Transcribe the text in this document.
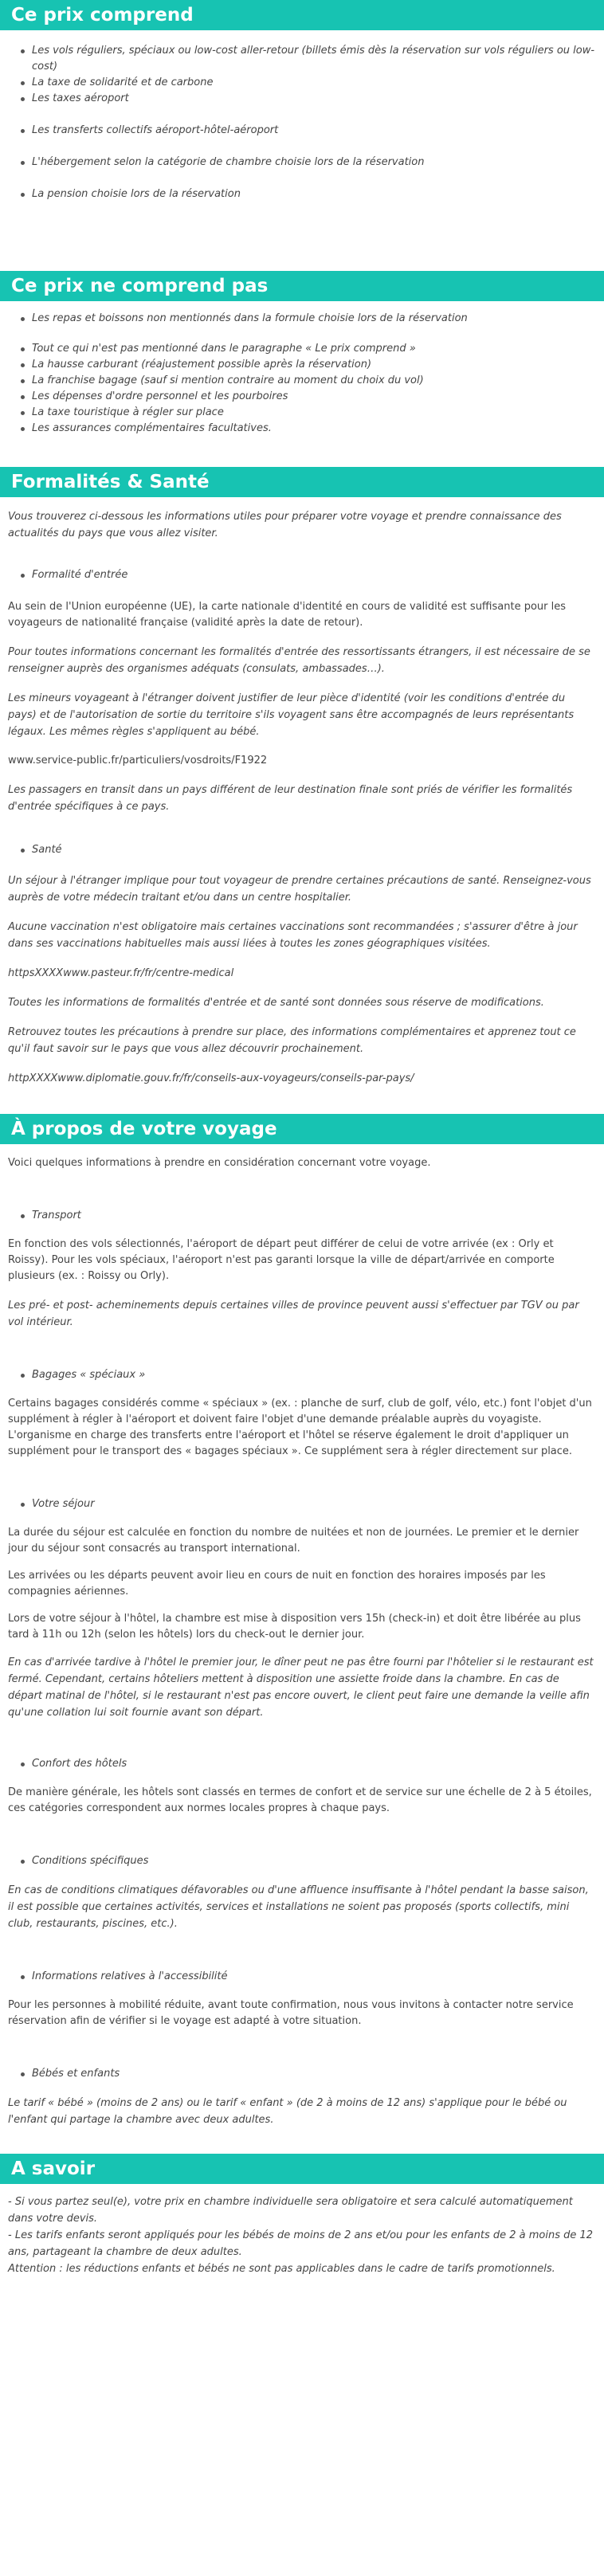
Ce prix comprend
Les vols réguliers, spéciaux ou low-cost aller-retour (billets émis dès la réservation sur vols réguliers ou low-cost)
La taxe de solidarité et de carbone
Les taxes aéroport
Les transferts collectifs aéroport-hôtel-aéroport
L'hébergement selon la catégorie de chambre choisie lors de la réservation
La pension choisie lors de la réservation
Ce prix ne comprend pas
Les repas et boissons non mentionnés dans la formule choisie lors de la réservation
Tout ce qui n'est pas mentionné dans le paragraphe « Le prix comprend »
La hausse carburant (réajustement possible après la réservation)
La franchise bagage (sauf si mention contraire au moment du choix du vol)
Les dépenses d'ordre personnel et les pourboires
La taxe touristique à régler sur place
Les assurances complémentaires facultatives.
Formalités & Santé

Vous trouverez ci-dessous les informations utiles pour préparer votre voyage et prendre connaissance des actualités du pays que vous allez visiter.

Formalité d'entrée

Au sein de l'Union européenne (UE), la carte nationale d'identité en cours de validité est suffisante pour les voyageurs de nationalité française (validité après la date de retour).

Pour toutes informations concernant les formalités d'entrée des ressortissants étrangers, il est nécessaire de se renseigner auprès des organismes adéquats (consulats, ambassades…).

Les mineurs voyageant à l'étranger doivent justifier de leur pièce d'identité (voir les conditions d'entrée du pays) et de l'autorisation de sortie du territoire s'ils voyagent sans être accompagnés de leurs représentants légaux. Les mêmes règles s'appliquent au bébé.

www.service-public.fr/particuliers/vosdroits/F1922

Les passagers en transit dans un pays différent de leur destination finale sont priés de vérifier les formalités d'entrée spécifiques à ce pays.

Santé

Un séjour à l'étranger implique pour tout voyageur de prendre certaines précautions de santé. Renseignez-vous auprès de votre médecin traitant et/ou dans un centre hospitalier.

Aucune vaccination n'est obligatoire mais certaines vaccinations sont recommandées ; s'assurer d'être à jour dans ses vaccinations habituelles mais aussi liées à toutes les zones géographiques visitées.

httpsXXXXwww.pasteur.fr/fr/centre-medical

Toutes les informations de formalités d'entrée et de santé sont données sous réserve de modifications.

Retrouvez toutes les précautions à prendre sur place, des informations complémentaires et apprenez tout ce qu'il faut savoir sur le pays que vous allez découvrir prochainement.

httpXXXXwww.diplomatie.gouv.fr/fr/conseils-aux-voyageurs/conseils-par-pays/

À propos de votre voyage

Voici quelques informations à prendre en considération concernant votre voyage.

Transport

En fonction des vols sélectionnés, l'aéroport de départ peut différer de celui de votre arrivée (ex : Orly et Roissy). Pour les vols spéciaux, l'aéroport n'est pas garanti lorsque la ville de départ/arrivée en comporte plusieurs (ex. : Roissy ou Orly).

Les pré- et post- acheminements depuis certaines villes de province peuvent aussi s'effectuer par TGV ou par vol intérieur.

Bagages « spéciaux »

Certains bagages considérés comme « spéciaux » (ex. : planche de surf, club de golf, vélo, etc.) font l'objet d'un supplément à régler à l'aéroport et doivent faire l'objet d'une demande préalable auprès du voyagiste. L'organisme en charge des transferts entre l'aéroport et l'hôtel se réserve également le droit d'appliquer un supplément pour le transport des « bagages spéciaux ». Ce supplément sera à régler directement sur place.

Votre séjour

La durée du séjour est calculée en fonction du nombre de nuitées et non de journées. Le premier et le dernier jour du séjour sont consacrés au transport international.

Les arrivées ou les départs peuvent avoir lieu en cours de nuit en fonction des horaires imposés par les compagnies aériennes.

Lors de votre séjour à l'hôtel, la chambre est mise à disposition vers 15h (check-in) et doit être libérée au plus tard à 11h ou 12h (selon les hôtels) lors du check-out le dernier jour.

En cas d'arrivée tardive à l'hôtel le premier jour, le dîner peut ne pas être fourni par l'hôtelier si le restaurant est fermé. Cependant, certains hôteliers mettent à disposition une assiette froide dans la chambre. En cas de départ matinal de l'hôtel, si le restaurant n'est pas encore ouvert, le client peut faire une demande la veille afin qu'une collation lui soit fournie avant son départ.

Confort des hôtels

De manière générale, les hôtels sont classés en termes de confort et de service sur une échelle de 2 à 5 étoiles, ces catégories correspondent aux normes locales propres à chaque pays.

Conditions spécifiques

En cas de conditions climatiques défavorables ou d'une affluence insuffisante à l'hôtel pendant la basse saison, il est possible que certaines activités, services et installations ne soient pas proposés (sports collectifs, mini club, restaurants, piscines, etc.).

Informations relatives à l'accessibilité

Pour les personnes à mobilité réduite, avant toute confirmation, nous vous invitons à contacter notre service réservation afin de vérifier si le voyage est adapté à votre situation.

Bébés et enfants

Le tarif « bébé » (moins de 2 ans) ou le tarif « enfant » (de 2 à moins de 12 ans) s'applique pour le bébé ou l'enfant qui partage la chambre avec deux adultes.

A savoir

- Si vous partez seul(e), votre prix en chambre individuelle sera obligatoire et sera calculé automatiquement dans votre devis.

- Les tarifs enfants seront appliqués pour les bébés de moins de 2 ans et/ou pour les enfants de 2 à moins de 12 ans, partageant la chambre de deux adultes.

Attention : les réductions enfants et bébés ne sont pas applicables dans le cadre de tarifs promotionnels.
